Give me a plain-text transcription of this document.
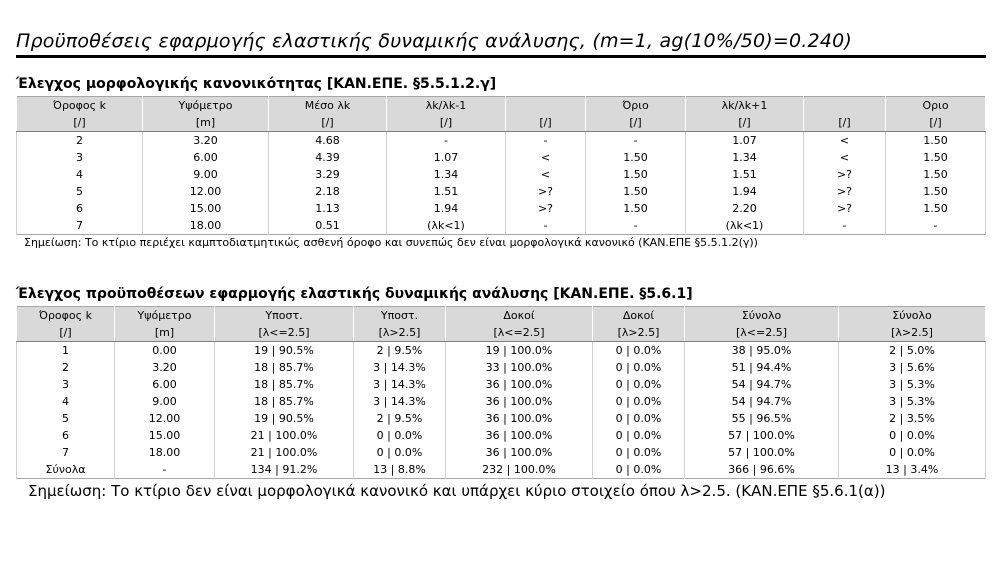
Προϋποθέσεις εφαρμογής ελαστικής δυναμικής ανάλυσης, (m=1, ag(10%/50)=0.240)
Έλεγχος μορφολογικής κανονικότητας [ΚΑΝ.ΕΠΕ. §5.5.1.2.γ]
Όροφος k	Υψόμετρο	Μέσο λk	λk/λk-1		Όριο	λk/λk+1		Οριο
[/]	[m]	[/]	[/]	[/]	[/]	[/]	[/]	[/]
2	3.20	4.68	-	-	-	1.07	<	1.50
3	6.00	4.39	1.07	<	1.50	1.34	<	1.50
4	9.00	3.29	1.34	<	1.50	1.51	>?	1.50
5	12.00	2.18	1.51	>?	1.50	1.94	>?	1.50
6	15.00	1.13	1.94	>?	1.50	2.20	>?	1.50
7	18.00	0.51	(λk<1)	-	-	(λk<1)	-	-
Σημείωση: Το κτίριο περιέχει καμπτοδιατμητικώς ασθενή όροφο και συνεπώς δεν είναι μορφολογικά κανονικό (ΚΑΝ.ΕΠΕ §5.5.1.2(γ))
Έλεγχος προϋποθέσεων εφαρμογής ελαστικής δυναμικής ανάλυσης [ΚΑΝ.ΕΠΕ. §5.6.1]
Όροφος k	Υψόμετρο	Υποστ.	Υποστ.	Δοκοί	Δοκοί	Σύνολο	Σύνολο
[/]	[m]	[λ<=2.5]	[λ>2.5]	[λ<=2.5]	[λ>2.5]	[λ<=2.5]	[λ>2.5]
1	0.00	19 | 90.5%	2 | 9.5%	19 | 100.0%	0 | 0.0%	38 | 95.0%	2 | 5.0%
2	3.20	18 | 85.7%	3 | 14.3%	33 | 100.0%	0 | 0.0%	51 | 94.4%	3 | 5.6%
3	6.00	18 | 85.7%	3 | 14.3%	36 | 100.0%	0 | 0.0%	54 | 94.7%	3 | 5.3%
4	9.00	18 | 85.7%	3 | 14.3%	36 | 100.0%	0 | 0.0%	54 | 94.7%	3 | 5.3%
5	12.00	19 | 90.5%	2 | 9.5%	36 | 100.0%	0 | 0.0%	55 | 96.5%	2 | 3.5%
6	15.00	21 | 100.0%	0 | 0.0%	36 | 100.0%	0 | 0.0%	57 | 100.0%	0 | 0.0%
7	18.00	21 | 100.0%	0 | 0.0%	36 | 100.0%	0 | 0.0%	57 | 100.0%	0 | 0.0%
Σύνολα	-	134 | 91.2%	13 | 8.8%	232 | 100.0%	0 | 0.0%	366 | 96.6%	13 | 3.4%
Σημείωση: Το κτίριο δεν είναι μορφολογικά κανονικό και υπάρχει κύριο στοιχείο όπου λ>2.5. (ΚΑΝ.ΕΠΕ §5.6.1(α))
